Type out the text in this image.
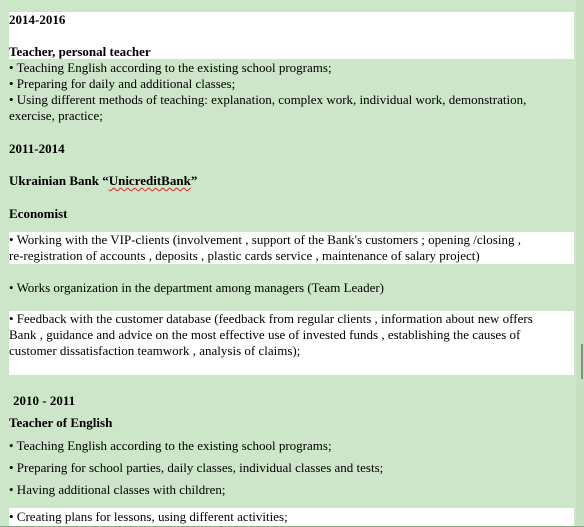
2014-2016
Teacher, personal teacher
• Teaching English according to the existing school programs;
• Preparing for daily and additional classes;
• Using different methods of teaching: explanation, complex work, individual work, demonstration,
exercise, practice;
2011-2014
Ukrainian Bank “UnicreditBank”
Economist
• Working with the VIP-clients (involvement , support of the Bank's customers ; opening /closing ,
re-registration of accounts , deposits , plastic cards service , maintenance of salary project)
• Works organization in the department among managers (Team Leader)
• Feedback with the customer database (feedback from regular clients , information about new offers
Bank , guidance and advice on the most effective use of invested funds , establishing the causes of
customer dissatisfaction teamwork , analysis of claims);
2010 - 2011
Teacher of English
• Teaching English according to the existing school programs;
• Preparing for school parties, daily classes, individual classes and tests;
• Having additional classes with children;
• Creating plans for lessons, using different activities;
